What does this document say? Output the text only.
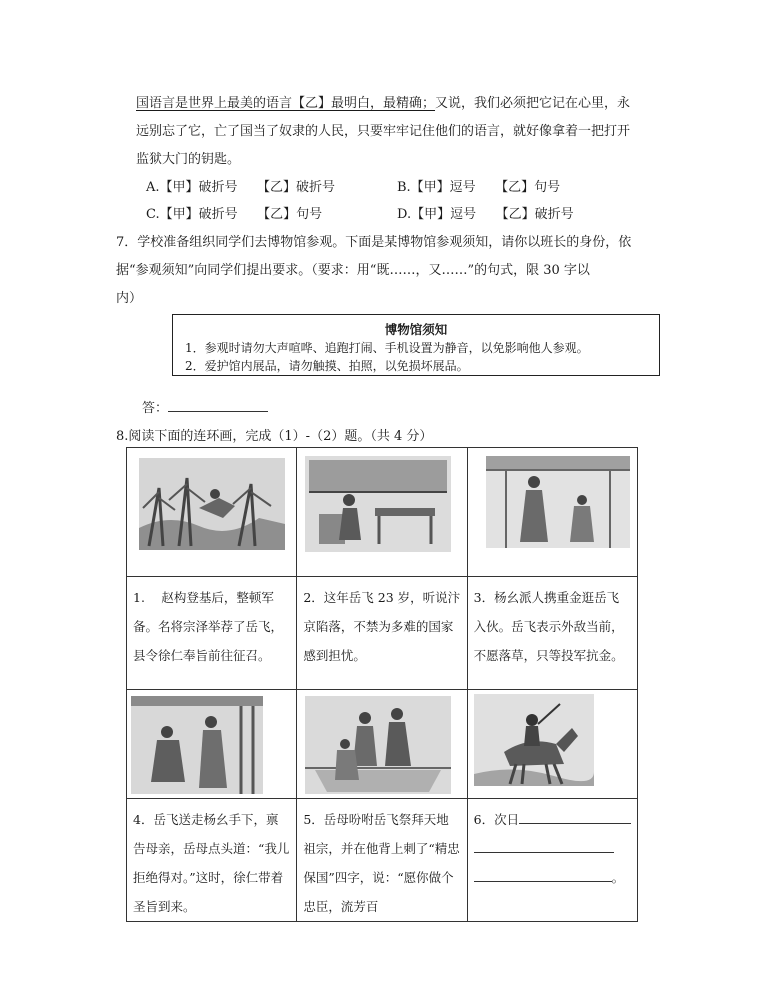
国语言是世界上最美的语言【乙】最明白，最精确；又说，我们必须把它记在心里，永
远别忘了它，亡了国当了奴隶的人民，只要牢牢记住他们的语言，就好像拿着一把打开
监狱大门的钥匙。
A.【甲】破折号　　【乙】破折号	B.【甲】逗号　　【乙】句号
C.【甲】破折号　　【乙】句号	D.【甲】逗号　　【乙】破折号
7．学校准备组织同学们去博物馆参观。下面是某博物馆参观须知，请你以班长的身份，依
据“参观须知”向同学们提出要求。（要求：用“既……，又……”的句式，限 30 字以
内）
博物馆须知
1．参观时请勿大声喧哗、追跑打闹、手机设置为静音，以免影响他人参观。
2．爱护馆内展品，请勿触摸、拍照，以免损坏展品。
答：
8.阅读下面的连环画，完成（1）-（2）题。（共 4 分）

1.　 赵构登基后，整顿军备。名将宗泽举荐了岳飞，县令徐仁奉旨前往征召。	2．这年岳飞 23 岁，听说汴京陷落，不禁为多难的国家感到担忧。	3．杨幺派人携重金逛岳飞入伙。岳飞表示外敌当前，不愿落草，只等投军抗金。

4．岳飞送走杨幺手下，禀告母亲，岳母点头道：“我儿拒绝得对。”这时，徐仁带着圣旨到来。	5．岳母吩咐岳飞祭拜天地祖宗，并在他背上刺了“精忠保国”四字，说：“愿你做个忠臣，流芳百	6．次日
。
